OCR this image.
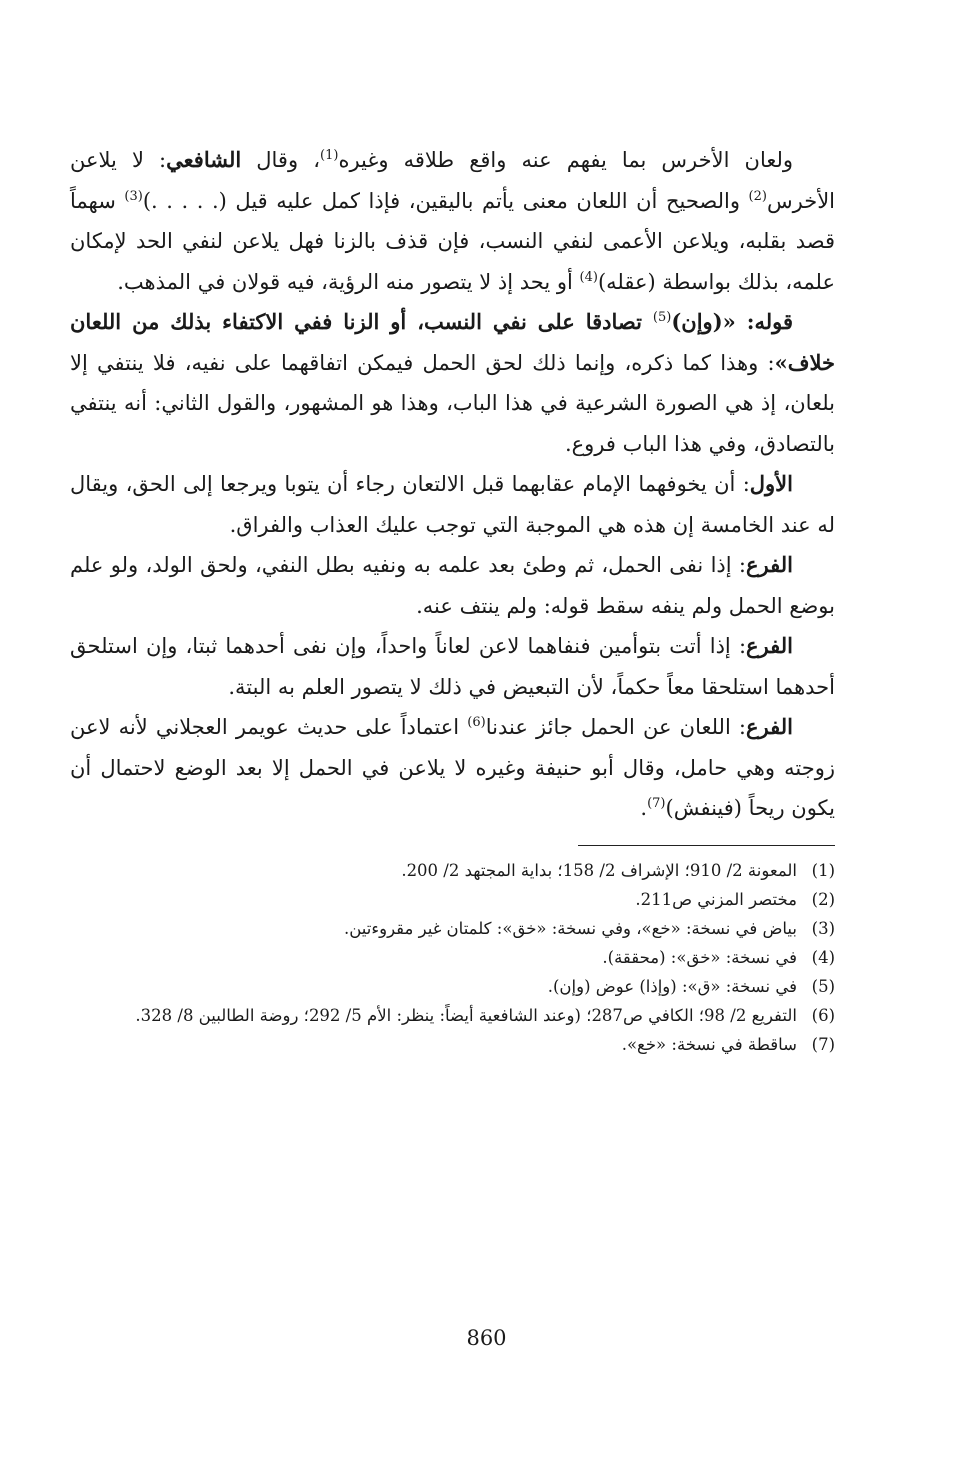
ولعان الأخرس بما يفهم عنه واقع طلاقه وغيره$^{(1)}$، وقال الشافعي: لا يلاعن الأخرس$^{(2)}$ والصحيح أن اللعان معنى يأتم باليقين، فإذا كمل عليه قيل (. . . . .)$^{(3)}$ سهماً قصد بقلبه، ويلاعن الأعمى لنفي النسب، فإن قذف بالزنا فهل يلاعن لنفي الحد لإمكان علمه، بذلك بواسطة (عقله)$^{(4)}$ أو يحد إذ لا يتصور منه الرؤية، فيه قولان في المذهب.

قوله: «(وإن)$^{(5)}$ تصادقا على نفي النسب، أو الزنا ففي الاكتفاء بذلك من اللعان خلاف»: وهذا كما ذكره، وإنما ذلك لحق الحمل فيمكن اتفاقهما على نفيه، فلا ينتفي إلا بلعان، إذ هي الصورة الشرعية في هذا الباب، وهذا هو المشهور، والقول الثاني: أنه ينتفي بالتصادق، وفي هذا الباب فروع.

الأول: أن يخوفهما الإمام عقابهما قبل الالتعان رجاء أن يتوبا ويرجعا إلى الحق، ويقال له عند الخامسة إن هذه هي الموجبة التي توجب عليك العذاب والفراق.

الفرع: إذا نفى الحمل، ثم وطئ بعد علمه به ونفيه بطل النفي، ولحق الولد، ولو علم بوضع الحمل ولم ينفه سقط قوله: ولم ينتف عنه.

الفرع: إذا أتت بتوأمين فنفاهما لاعن لعاناً واحداً، وإن نفى أحدهما ثبتا، وإن استلحق أحدهما استلحقا معاً حكماً، لأن التبعيض في ذلك لا يتصور العلم به البتة.

الفرع: اللعان عن الحمل جائز عندنا$^{(6)}$ اعتماداً على حديث عويمر العجلاني لأنه لاعن زوجته وهي حامل، وقال أبو حنيفة وغيره لا يلاعن في الحمل إلا بعد الوضع لاحتمال أن يكون ريحاً (فينفش)$^{(7)}$.

(1)
المعونة 2/ 910؛ الإشراف 2/ 158؛ بداية المجتهد 2/ 200.
(2)
مختصر المزني ص211.
(3)
بياض في نسخة: «خع»، وفي نسخة: «خق»: كلمتان غير مقروءتين.
(4)
في نسخة: «خق»: (محققة).
(5)
في نسخة: «ق»: (وإذا) عوض (وإن).
(6)
التفريع 2/ 98؛ الكافي ص287؛ (وعند الشافعية أيضاً: ينظر: الأم 5/ 292؛ روضة الطالبين 8/ 328.
(7)
ساقطة في نسخة: «خع».
860
